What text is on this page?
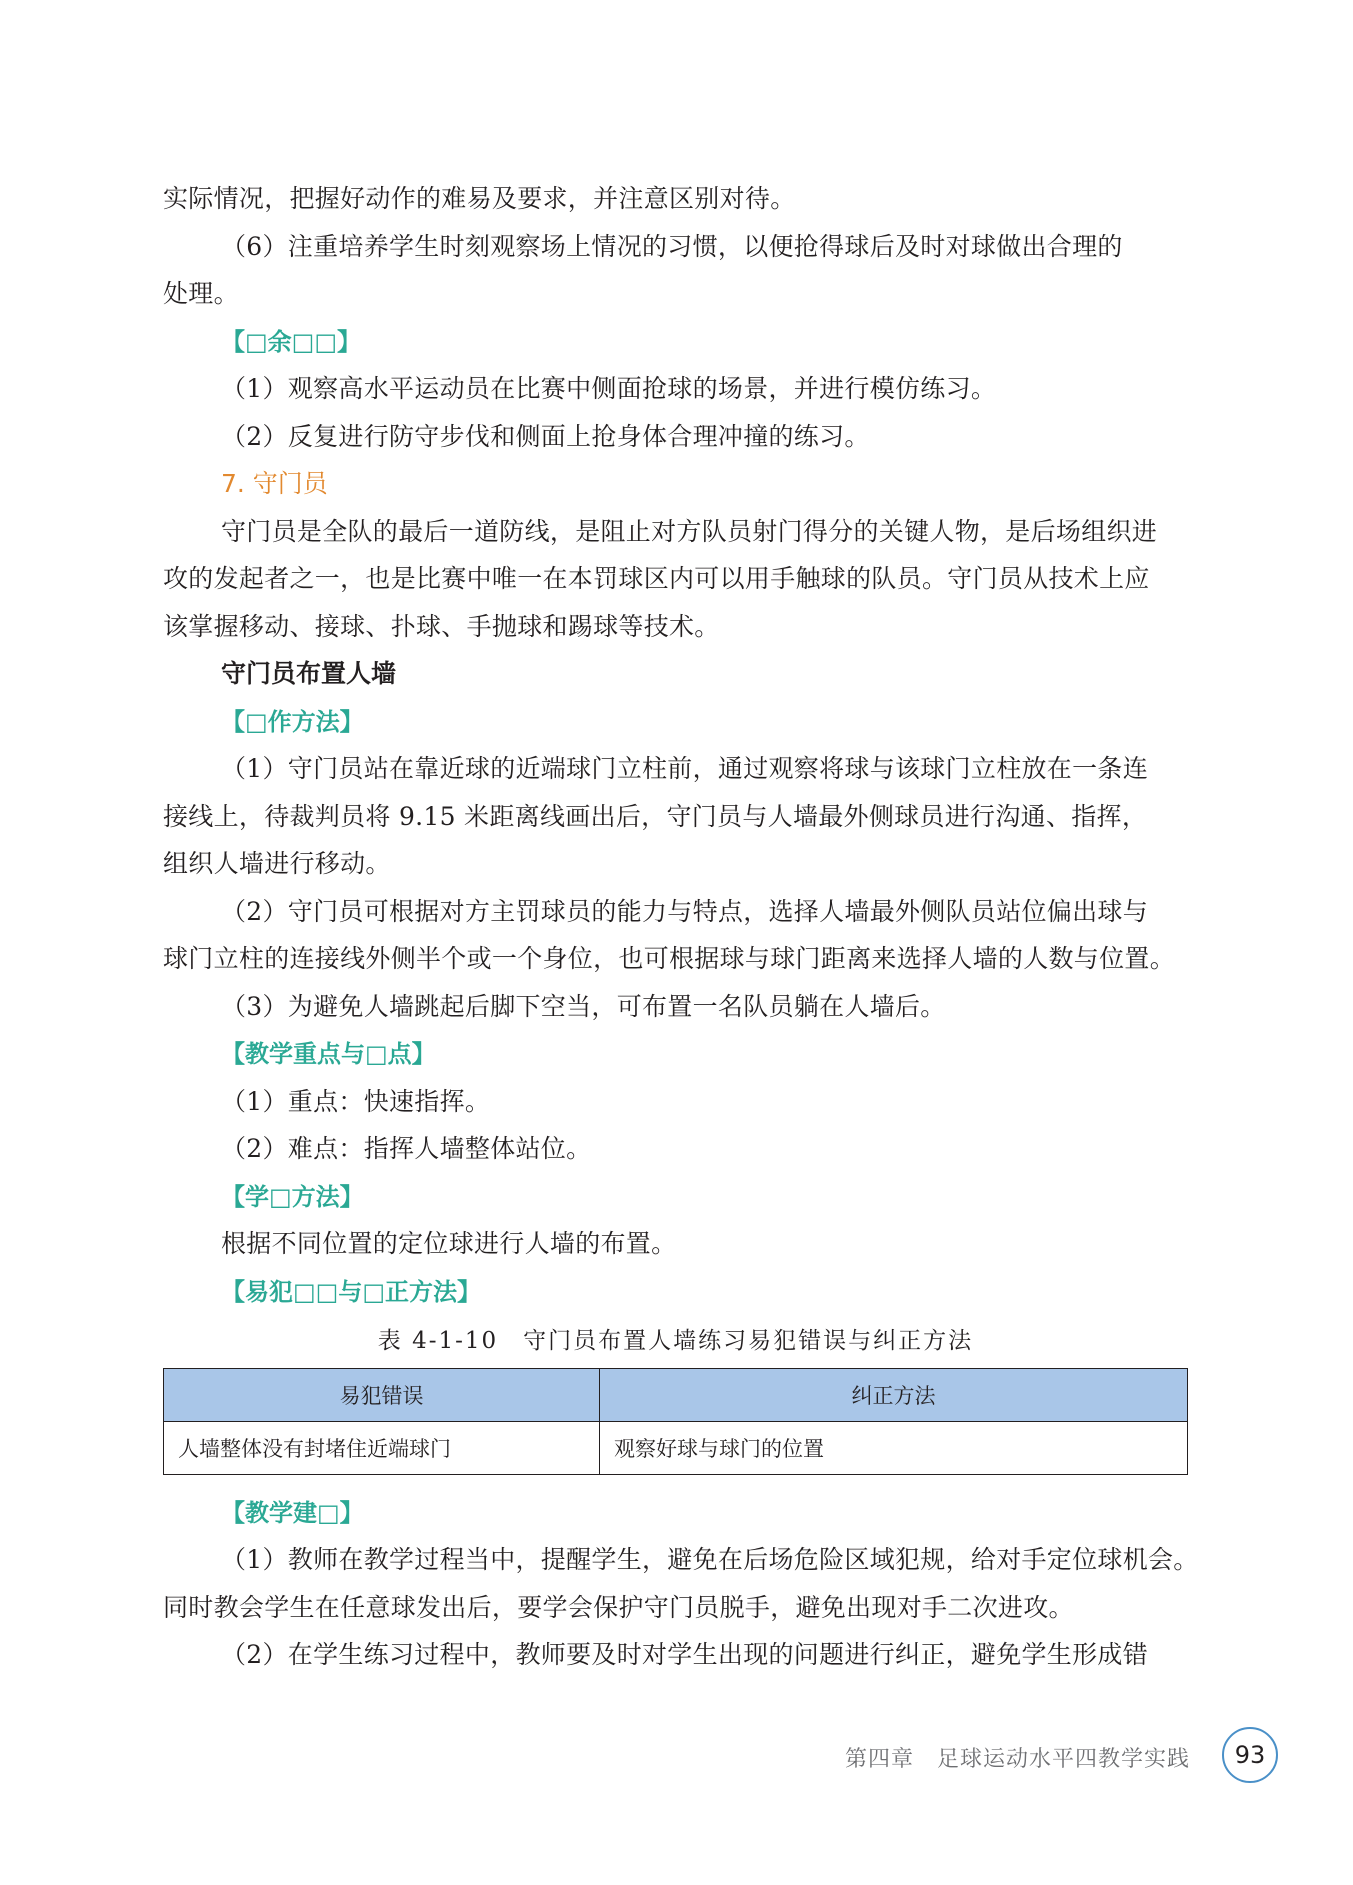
实际情况，把握好动作的难易及要求，并注意区别对待。
（6）注重培养学生时刻观察场上情况的习惯，以便抢得球后及时对球做出合理的
处理。
【□余□□】
（1）观察高水平运动员在比赛中侧面抢球的场景，并进行模仿练习。
（2）反复进行防守步伐和侧面上抢身体合理冲撞的练习。
7. 守门员
守门员是全队的最后一道防线，是阻止对方队员射门得分的关键人物，是后场组织进
攻的发起者之一，也是比赛中唯一在本罚球区内可以用手触球的队员。守门员从技术上应
该掌握移动、接球、扑球、手抛球和踢球等技术。
守门员布置人墙
【□作方法】
（1）守门员站在靠近球的近端球门立柱前，通过观察将球与该球门立柱放在一条连
接线上，待裁判员将 9.15 米距离线画出后，守门员与人墙最外侧球员进行沟通、指挥，
组织人墙进行移动。
（2）守门员可根据对方主罚球员的能力与特点，选择人墙最外侧队员站位偏出球与
球门立柱的连接线外侧半个或一个身位，也可根据球与球门距离来选择人墙的人数与位置。
（3）为避免人墙跳起后脚下空当，可布置一名队员躺在人墙后。
【教学重点与□点】
（1）重点：快速指挥。
（2）难点：指挥人墙整体站位。
【学□方法】
根据不同位置的定位球进行人墙的布置。
【易犯□□与□正方法】
表 4-1-10　守门员布置人墙练习易犯错误与纠正方法
易犯错误	纠正方法
人墙整体没有封堵住近端球门	观察好球与球门的位置
【教学建□】
（1）教师在教学过程当中，提醒学生，避免在后场危险区域犯规，给对手定位球机会。
同时教会学生在任意球发出后，要学会保护守门员脱手，避免出现对手二次进攻。
（2）在学生练习过程中，教师要及时对学生出现的问题进行纠正，避免学生形成错
第四章　足球运动水平四教学实践	93
